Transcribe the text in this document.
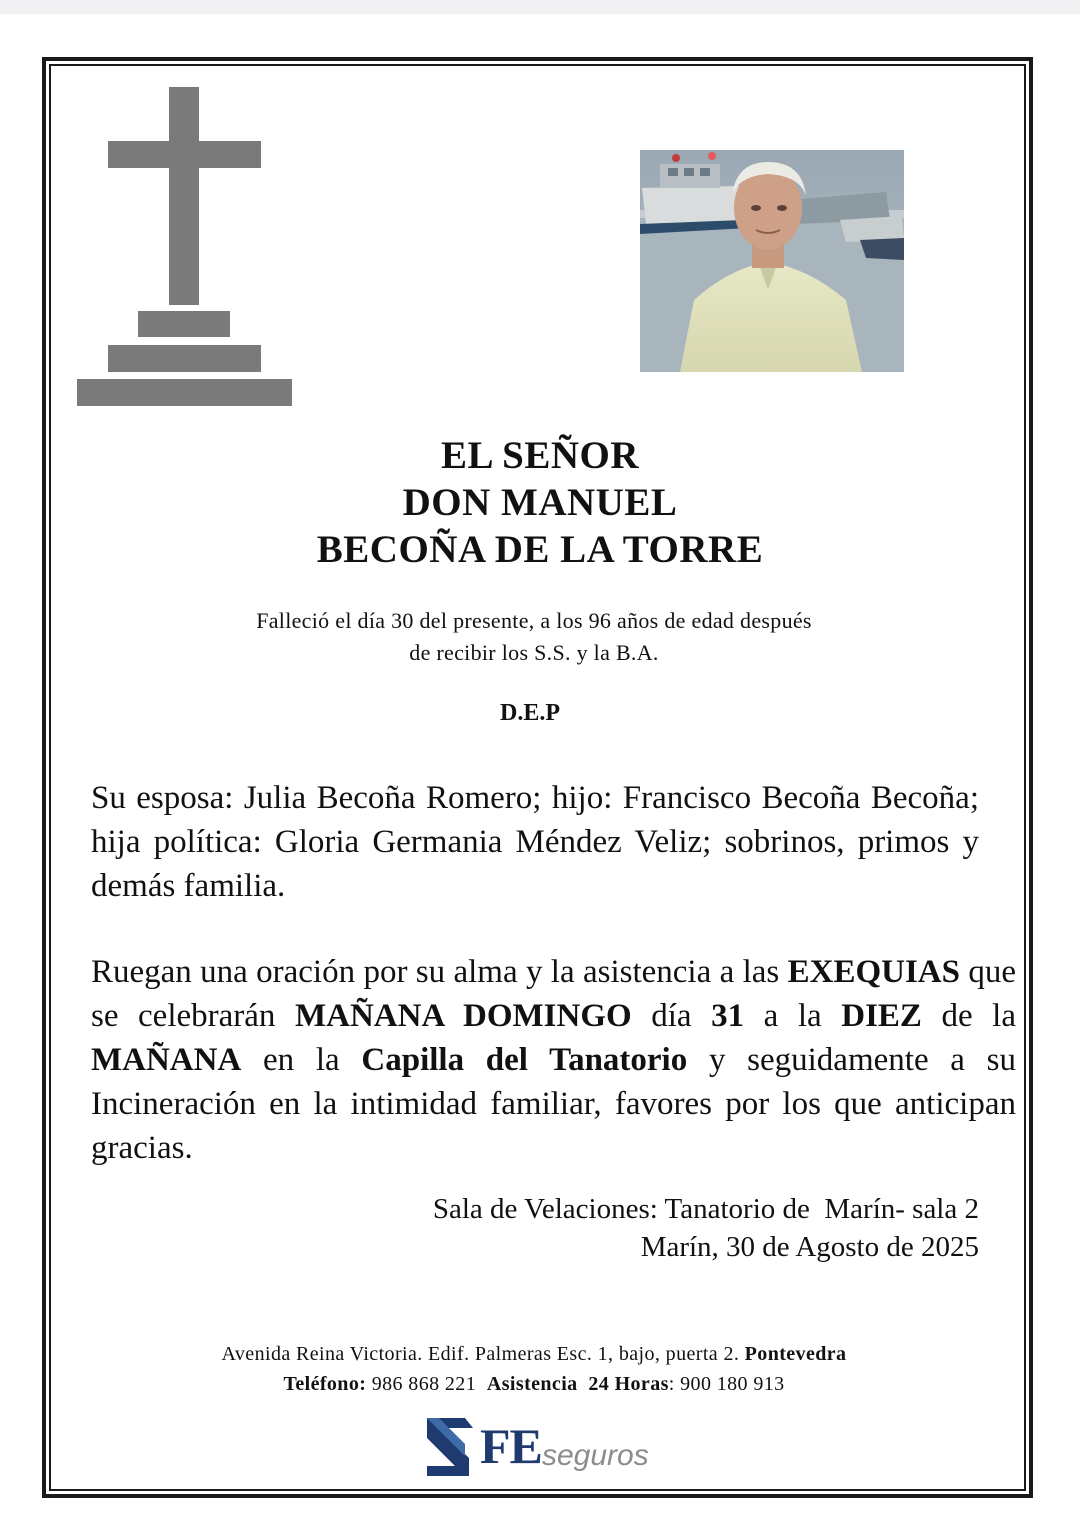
EL SEÑOR
DON MANUEL
BECOÑA DE LA TORRE
Falleció el día 30 del presente, a los 96 años de edad después
de recibir los S.S. y la B.A.
D.E.P
Su esposa: Julia Becoña Romero; hijo: Francisco Becoña Becoña; hija política: Gloria Germania Méndez Veliz; sobrinos, primos y demás familia.
Ruegan una oración por su alma y la asistencia a las EXEQUIAS que se celebrarán MAÑANA DOMINGO día 31 a la DIEZ de la MAÑANA en la Capilla del Tanatorio y seguidamente a su Incineración en la intimidad familiar, favores por los que anticipan gracias.
Sala de Velaciones: Tanatorio de  Marín- sala 2
Marín, 30 de Agosto de 2025
Avenida Reina Victoria. Edif. Palmeras Esc. 1, bajo, puerta 2. Pontevedra
Teléfono: 986 868 221  Asistencia  24 Horas: 900 180 913
FE seguros
